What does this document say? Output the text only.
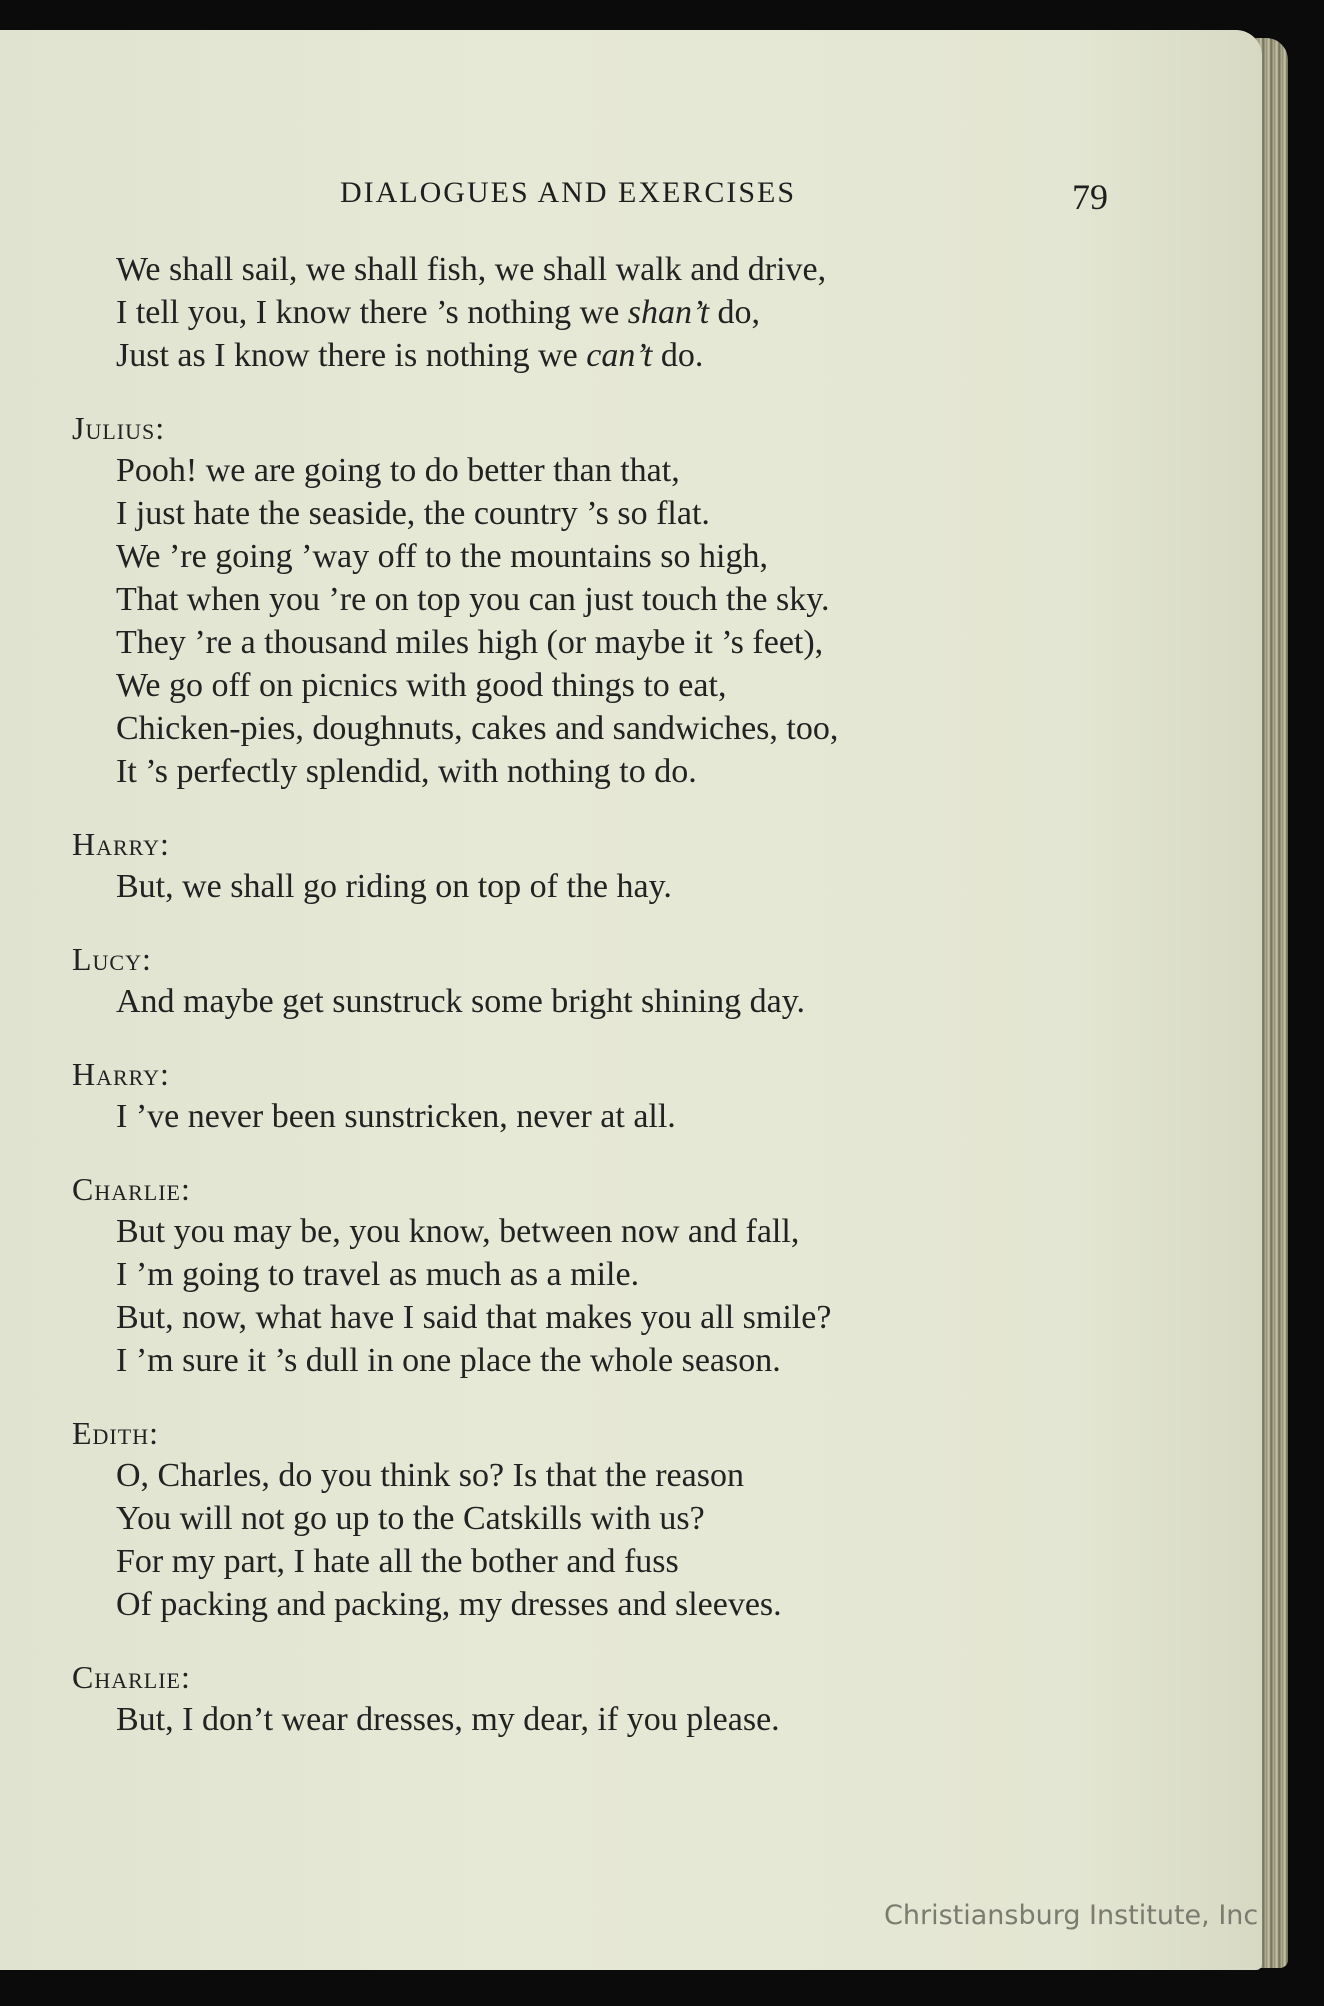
DIALOGUES AND EXERCISES	79
We shall sail, we shall fish, we shall walk and drive,
I tell you, I know there ’s nothing we shan’t do,
Just as I know there is nothing we can’t do.
Julius:
Pooh! we are going to do better than that,
I just hate the seaside, the country ’s so flat.
We ’re going ’way off to the mountains so high,
That when you ’re on top you can just touch the sky.
They ’re a thousand miles high (or maybe it ’s feet),
We go off on picnics with good things to eat,
Chicken-pies, doughnuts, cakes and sandwiches, too,
It ’s perfectly splendid, with nothing to do.
Harry:
But, we shall go riding on top of the hay.
Lucy:
And maybe get sunstruck some bright shining day.
Harry:
I ’ve never been sunstricken, never at all.
Charlie:
But you may be, you know, between now and fall,
I ’m going to travel as much as a mile.
But, now, what have I said that makes you all smile?
I ’m sure it ’s dull in one place the whole season.
Edith:
O, Charles, do you think so? Is that the reason
You will not go up to the Catskills with us?
For my part, I hate all the bother and fuss
Of packing and packing, my dresses and sleeves.
Charlie:
But, I don’t wear dresses, my dear, if you please.
Christiansburg Institute, Inc
